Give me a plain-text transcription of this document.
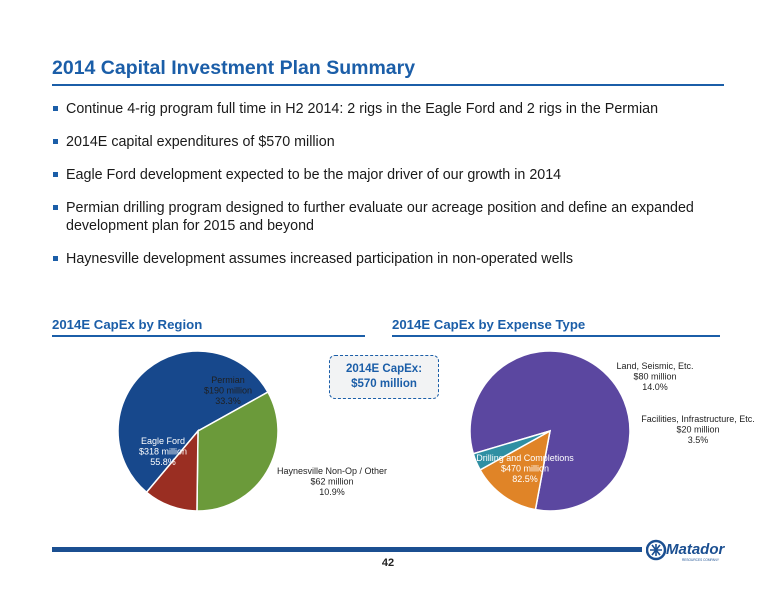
2014 Capital Investment Plan Summary
Continue 4-rig program full time in H2 2014: 2 rigs in the Eagle Ford and 2 rigs in the Permian
2014E capital expenditures of $570 million
Eagle Ford development expected to be the major driver of our growth in 2014
Permian drilling program designed to further evaluate our acreage position and define an expanded development plan for 2015 and beyond
Haynesville development assumes increased participation in non-operated wells
2014E CapEx by Region	2014E CapEx by Expense Type
2014E CapEx:
$570 million
Eagle Ford $318 million 55.8%
Permian $190 million 33.3%
Haynesville Non-Op / Other $62 million 10.9%
Drilling and Completions $470 million 82.5%
Land, Seismic, Etc. $80 million 14.0%
Facilities, Infrastructure, Etc. $20 million 3.5%
42
Matador
RESOURCES COMPANY
